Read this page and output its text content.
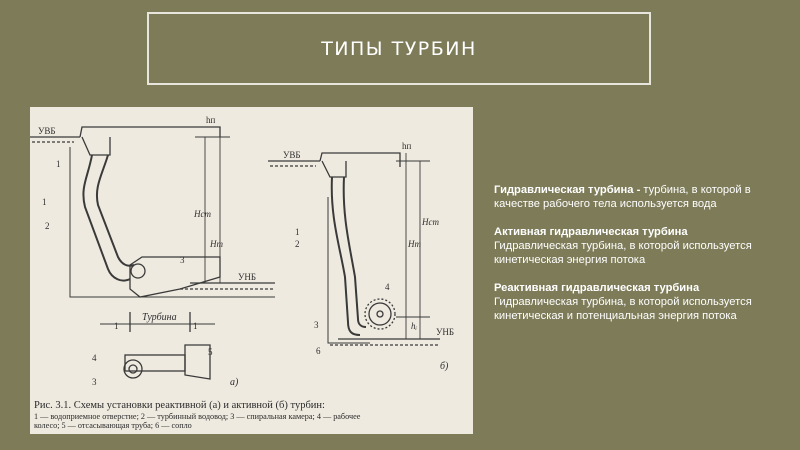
ТИПЫ ТУРБИН
УВБ
УВБ
УНБ
УНБ
hп
hп
Hст
Hт
Hст
Hт
hᵢ
Турбина
а)
б)
1
1
2
3
1	1
4
5
3
1
2
4
3
6
Рис. 3.1. Схемы установки реактивной (а) и активной (б) турбин:
1 — водоприемное отверстие; 2 — турбинный водовод; 3 — спиральная камера; 4 — рабочее
колесо; 5 — отсасывающая труба; 6 — сопло
Гидравлическая турбина - турбина, в которой в качестве рабочего тела используется вода
Активная гидравлическая турбина
Гидравлическая турбина, в которой используется кинетическая энергия потока
Реактивная гидравлическая турбина
Гидравлическая турбина, в которой используется кинетическая и потенциальная энергия потока
